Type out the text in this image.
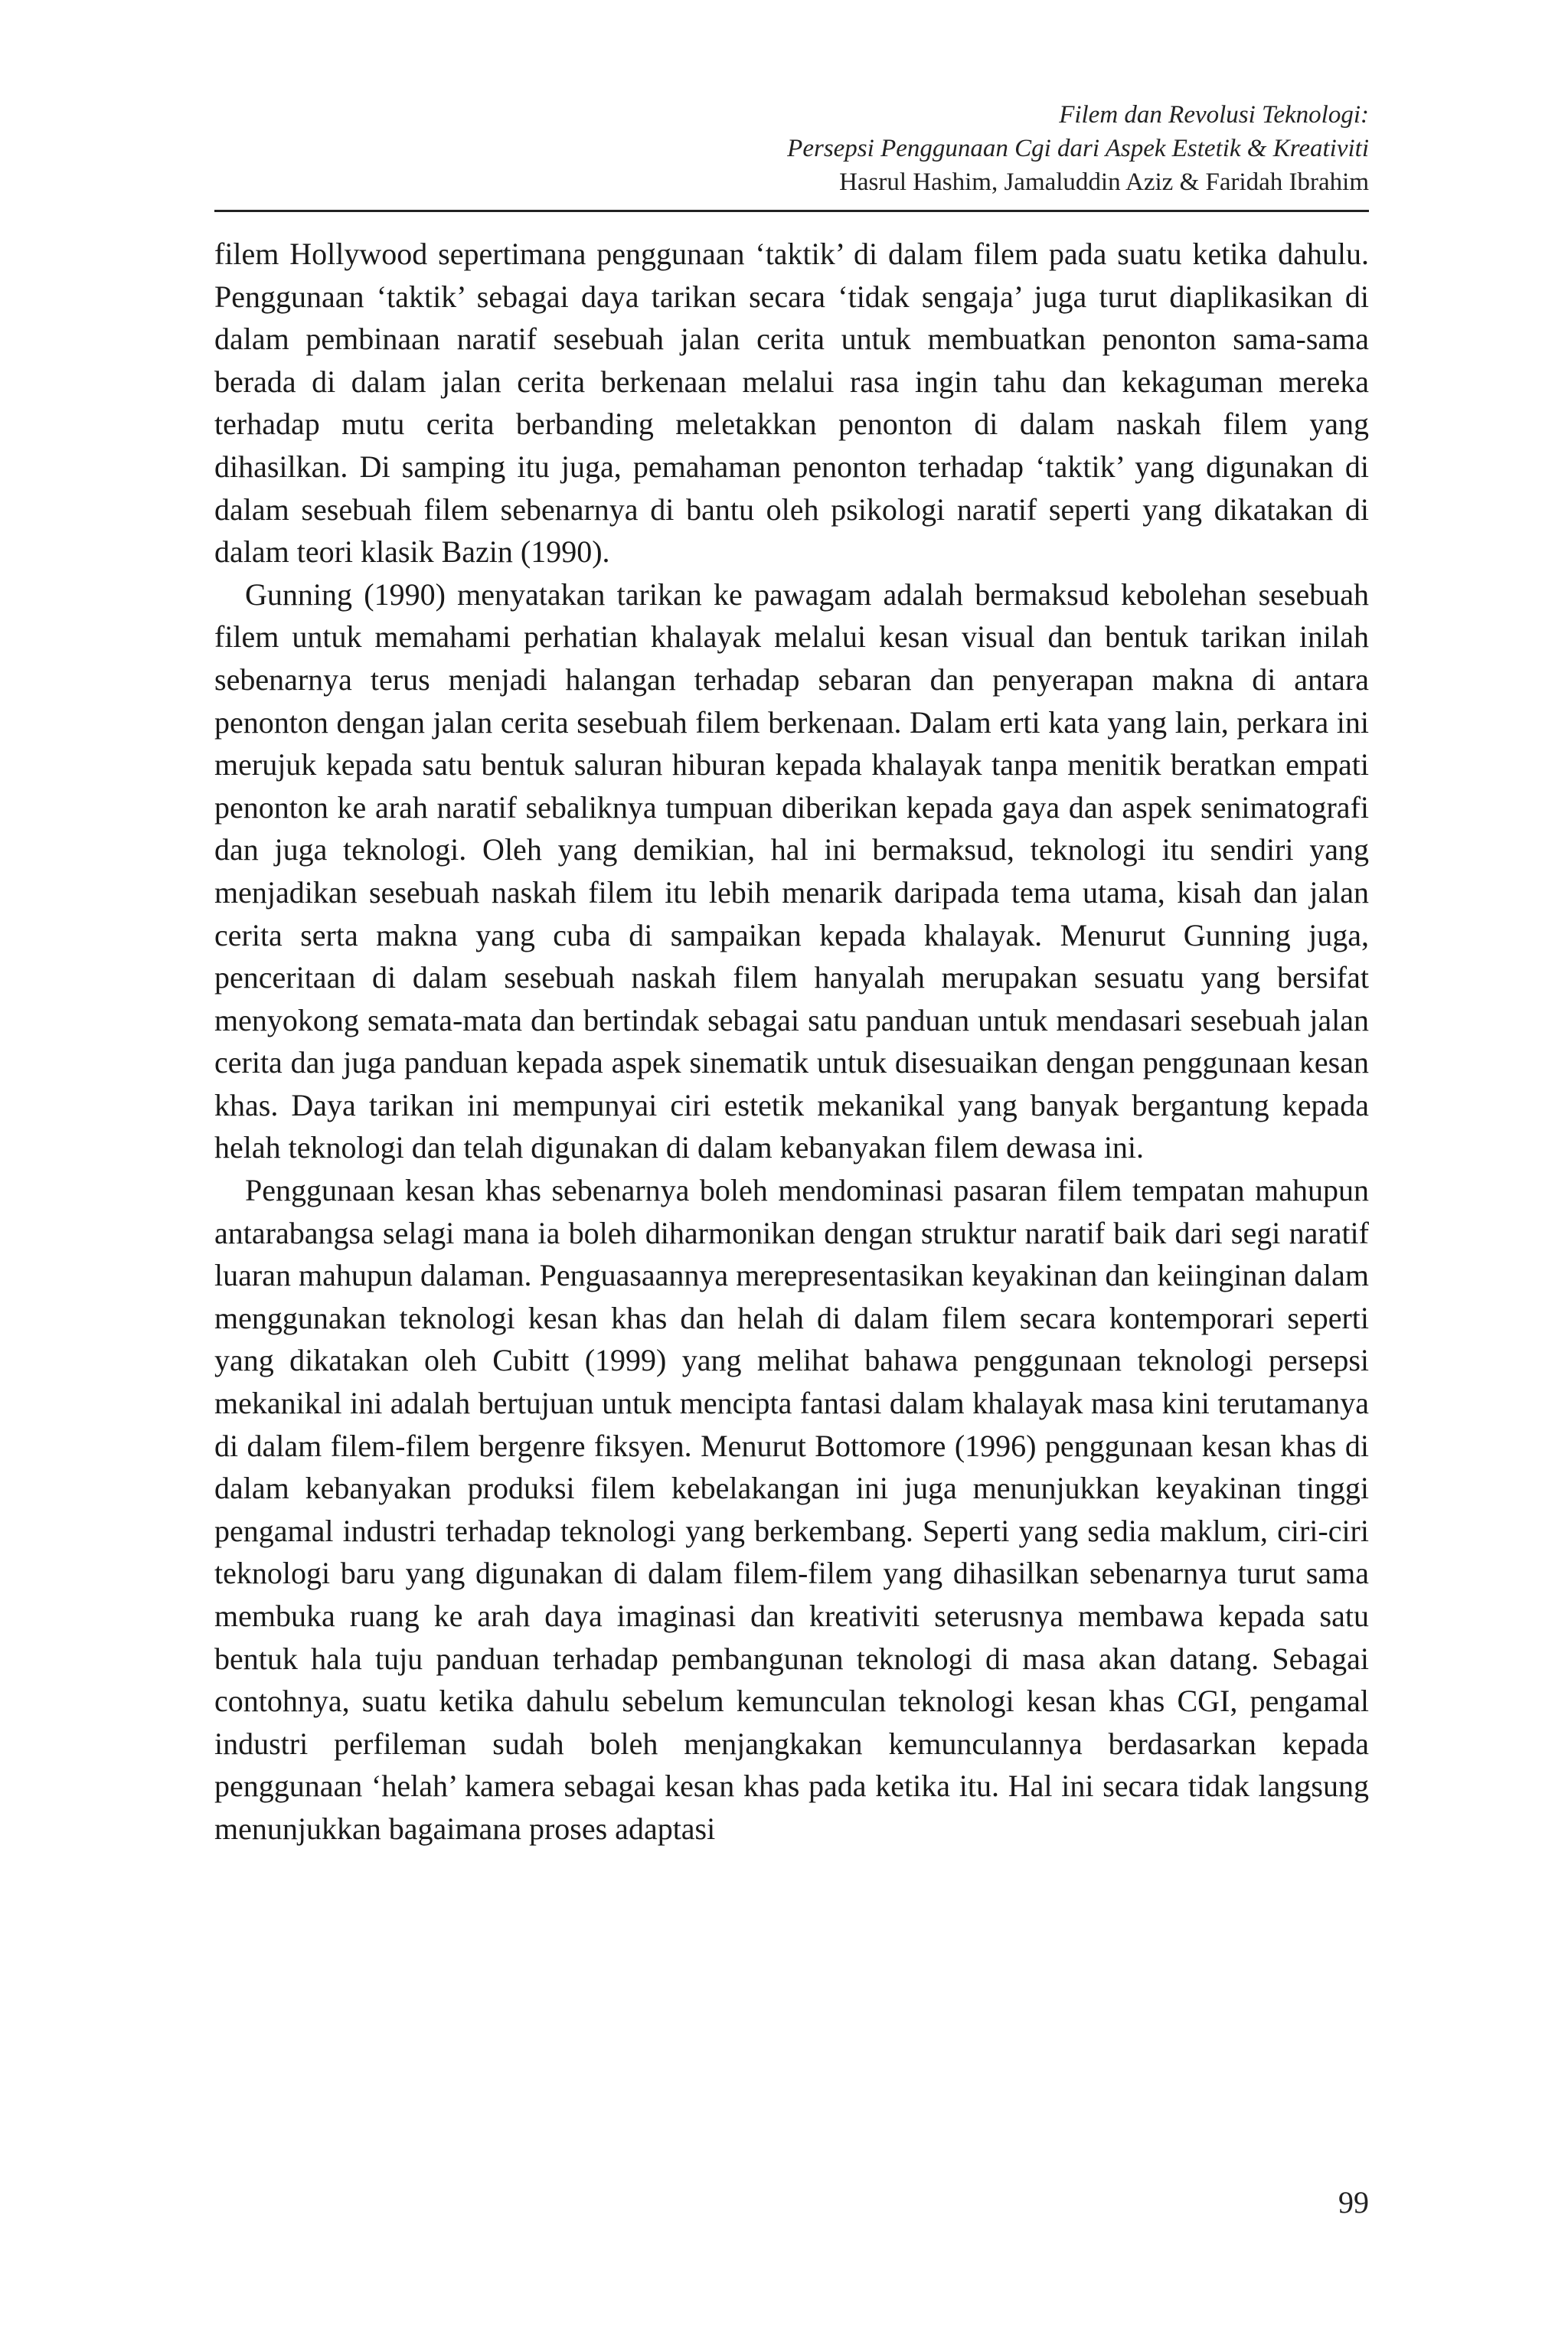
Filem dan Revolusi Teknologi:
Persepsi Penggunaan Cgi dari Aspek Estetik & Kreativiti
Hasrul Hashim, Jamaluddin Aziz & Faridah Ibrahim

filem Hollywood sepertimana penggunaan ‘taktik’ di dalam filem pada suatu ketika dahulu. Penggunaan ‘taktik’ sebagai daya tarikan secara ‘tidak sengaja’ juga turut diaplikasikan di dalam pembinaan naratif sesebuah jalan cerita untuk membuatkan penonton sama-sama berada di dalam jalan cerita berkenaan melalui rasa ingin tahu dan kekaguman mereka terhadap mutu cerita berbanding meletakkan penonton di dalam naskah filem yang dihasilkan. Di samping itu juga, pemahaman penonton terhadap ‘taktik’ yang digunakan di dalam sesebuah filem sebenarnya di bantu oleh psikologi naratif seperti yang dikatakan di dalam teori klasik Bazin (1990).

Gunning (1990) menyatakan tarikan ke pawagam adalah bermaksud kebolehan sesebuah filem untuk memahami perhatian khalayak melalui kesan visual dan bentuk tarikan inilah sebenarnya terus menjadi halangan terhadap sebaran dan penyerapan makna di antara penonton dengan jalan cerita sesebuah filem berkenaan. Dalam erti kata yang lain, perkara ini merujuk kepada satu bentuk saluran hiburan kepada khalayak tanpa menitik beratkan empati penonton ke arah naratif sebaliknya tumpuan diberikan kepada gaya dan aspek senimatografi dan juga teknologi. Oleh yang demikian, hal ini bermaksud, teknologi itu sendiri yang menjadikan sesebuah naskah filem itu lebih menarik daripada tema utama, kisah dan jalan cerita serta makna yang cuba di sampaikan kepada khalayak. Menurut Gunning juga, penceritaan di dalam sesebuah naskah filem hanyalah merupakan sesuatu yang bersifat menyokong semata-mata dan bertindak sebagai satu panduan untuk mendasari sesebuah jalan cerita dan juga panduan kepada aspek sinematik untuk disesuaikan dengan penggunaan kesan khas. Daya tarikan ini mempunyai ciri estetik mekanikal yang banyak bergantung kepada helah teknologi dan telah digunakan di dalam kebanyakan filem dewasa ini.

Penggunaan kesan khas sebenarnya boleh mendominasi pasaran filem tempatan mahupun antarabangsa selagi mana ia boleh diharmonikan dengan struktur naratif baik dari segi naratif luaran mahupun dalaman. Penguasaannya merepresentasikan keyakinan dan keiinginan dalam menggunakan teknologi kesan khas dan helah di dalam filem secara kontemporari seperti yang dikatakan oleh Cubitt (1999) yang melihat bahawa penggunaan teknologi persepsi mekanikal ini adalah bertujuan untuk mencipta fantasi dalam khalayak masa kini terutamanya di dalam filem-filem bergenre fiksyen. Menurut Bottomore (1996) penggunaan kesan khas di dalam kebanyakan produksi filem kebelakangan ini juga menunjukkan keyakinan tinggi pengamal industri terhadap teknologi yang berkembang. Seperti yang sedia maklum, ciri-ciri teknologi baru yang digunakan di dalam filem-filem yang dihasilkan sebenarnya turut sama membuka ruang ke arah daya imaginasi dan kreativiti seterusnya membawa kepada satu bentuk hala tuju panduan terhadap pembangunan teknologi di masa akan datang. Sebagai contohnya, suatu ketika dahulu sebelum kemunculan teknologi kesan khas CGI, pengamal industri perfileman sudah boleh menjangkakan kemunculannya berdasarkan kepada penggunaan ‘helah’ kamera sebagai kesan khas pada ketika itu. Hal ini secara tidak langsung menunjukkan bagaimana proses adaptasi

99
